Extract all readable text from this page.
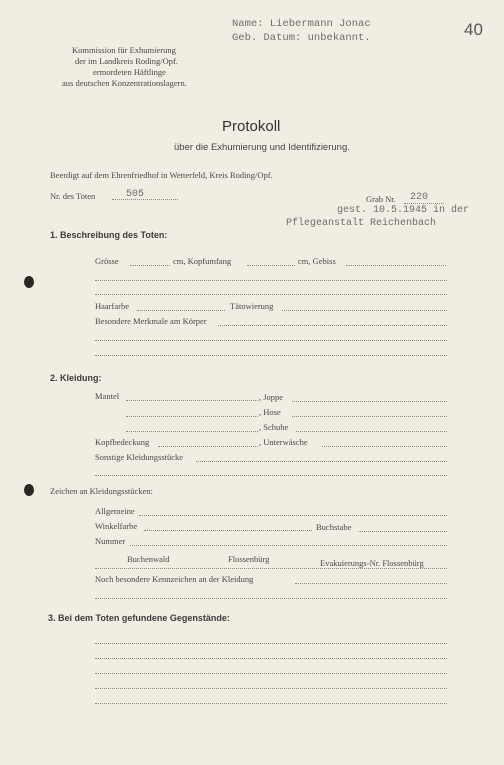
Name: Liebermann Jonac
Geb. Datum: unbekannt.	40
Kommission für Exhumierung
der im Landkreis Roding/Opf.
ermordeten Häftlinge
aus deutschen Konzentrationslagern.
Protokoll
über die Exhumierung und Identifizierung.
Beerdigt auf dem Ehrenfriedhof in Wetterfeld, Kreis Roding/Opf.
Nr. des Toten	505	Grab Nr. 220
gest. 10.5.1945 in der
Pflegeanstalt Reichenbach
1. Beschreibung des Toten:
Grösse	cm, Kopfumfang	cm, Gebiss
Haarfarbe	Tätowierung
Besondere Merkmale am Körper
2. Kleidung:
Mantel	, Joppe
, Hose
, Schuhe
Kopfbedeckung	, Unterwäsche
Sonstige Kleidungsstücke
Zeichen an Kleidungsstücken:
Allgemeine
Winkelfarbe	Buchstabe
Nummer
Buchenwald	Flossenbürg	Evakuierungs-Nr. Flossenbürg
Noch besondere Kennzeichen an der Kleidung
3. Bei dem Toten gefundene Gegenstände:
